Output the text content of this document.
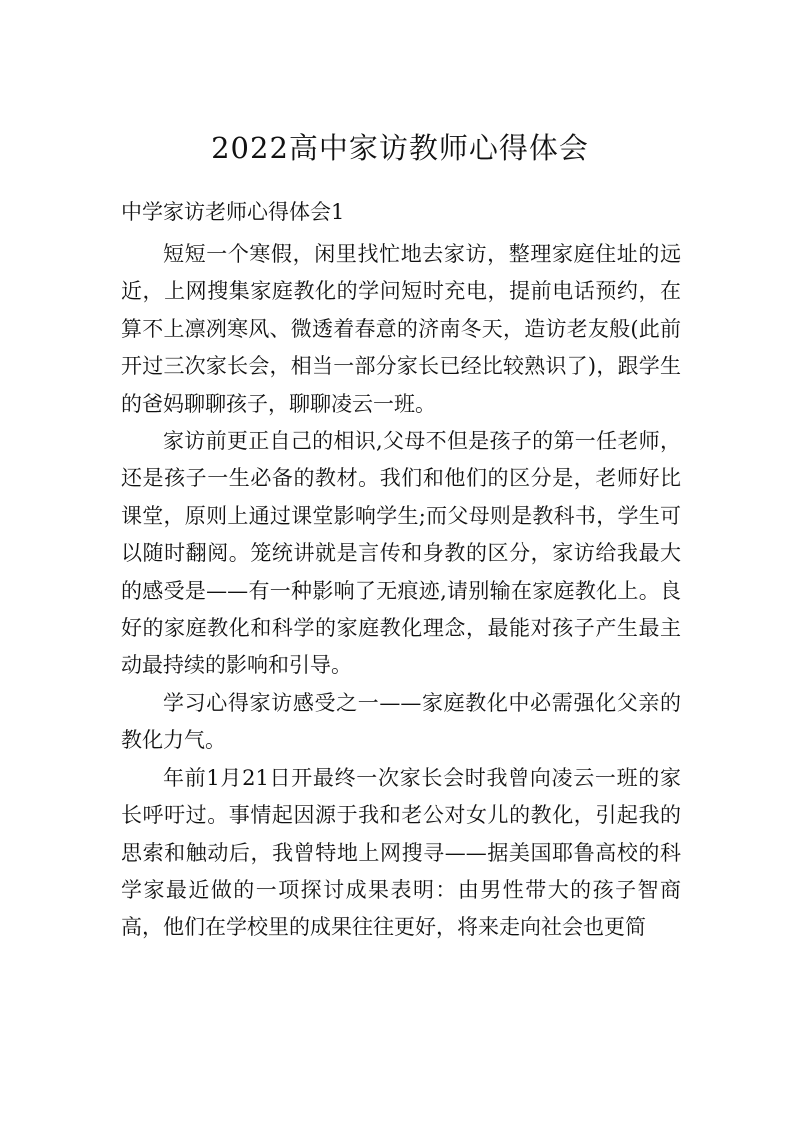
2022高中家访教师心得体会
中学家访老师心得体会1

短短一个寒假，闲里找忙地去家访，整理家庭住址的远近，上网搜集家庭教化的学问短时充电，提前电话预约，在算不上凛冽寒风、微透着春意的济南冬天，造访老友般(此前开过三次家长会，相当一部分家长已经比较熟识了)，跟学生的爸妈聊聊孩子，聊聊凌云一班。

家访前更正自己的相识,父母不但是孩子的第一任老师，还是孩子一生必备的教材。我们和他们的区分是，老师好比课堂，原则上通过课堂影响学生;而父母则是教科书，学生可以随时翻阅。笼统讲就是言传和身教的区分，家访给我最大的感受是——有一种影响了无痕迹,请别输在家庭教化上。良好的家庭教化和科学的家庭教化理念，最能对孩子产生最主动最持续的影响和引导。

学习心得家访感受之一——家庭教化中必需强化父亲的教化力气。

年前1月21日开最终一次家长会时我曾向凌云一班的家长呼吁过。事情起因源于我和老公对女儿的教化，引起我的思索和触动后，我曾特地上网搜寻——据美国耶鲁高校的科学家最近做的一项探讨成果表明：由男性带大的孩子智商高，他们在学校里的成果往往更好，将来走向社会也更简
